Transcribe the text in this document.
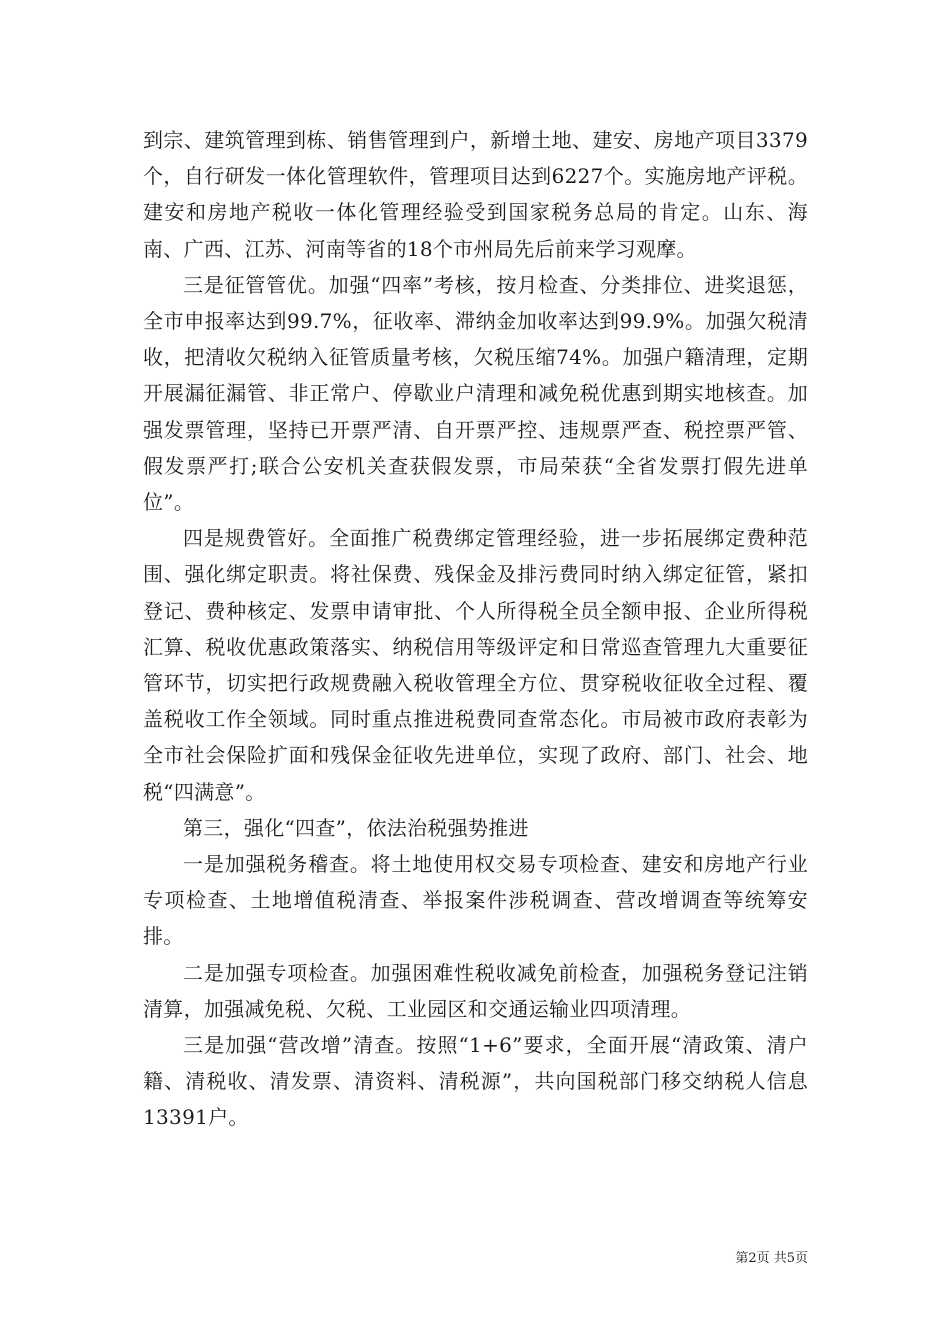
到宗、建筑管理到栋、销售管理到户，新增土地、建安、房地产项目3379个，自行研发一体化管理软件，管理项目达到6227个。实施房地产评税。建安和房地产税收一体化管理经验受到国家税务总局的肯定。山东、海南、广西、江苏、河南等省的18个市州局先后前来学习观摩。

三是征管管优。加强“四率”考核，按月检查、分类排位、进奖退惩，全市申报率达到99.7%，征收率、滞纳金加收率达到99.9%。加强欠税清收，把清收欠税纳入征管质量考核，欠税压缩74%。加强户籍清理，定期开展漏征漏管、非正常户、停歇业户清理和减免税优惠到期实地核查。加强发票管理，坚持已开票严清、自开票严控、违规票严查、税控票严管、假发票严打;联合公安机关查获假发票，市局荣获“全省发票打假先进单位”。

四是规费管好。全面推广税费绑定管理经验，进一步拓展绑定费种范围、强化绑定职责。将社保费、残保金及排污费同时纳入绑定征管，紧扣登记、费种核定、发票申请审批、个人所得税全员全额申报、企业所得税汇算、税收优惠政策落实、纳税信用等级评定和日常巡查管理九大重要征管环节，切实把行政规费融入税收管理全方位、贯穿税收征收全过程、覆盖税收工作全领域。同时重点推进税费同查常态化。市局被市政府表彰为全市社会保险扩面和残保金征收先进单位，实现了政府、部门、社会、地税“四满意”。

第三，强化“四查”，依法治税强势推进

一是加强税务稽查。将土地使用权交易专项检查、建安和房地产行业专项检查、土地增值税清查、举报案件涉税调查、营改增调查等统筹安排。

二是加强专项检查。加强困难性税收减免前检查，加强税务登记注销清算，加强减免税、欠税、工业园区和交通运输业四项清理。

三是加强“营改增”清查。按照“1+6”要求，全面开展“清政策、清户籍、清税收、清发票、清资料、清税源”，共向国税部门移交纳税人信息13391户。

第2页 共5页
